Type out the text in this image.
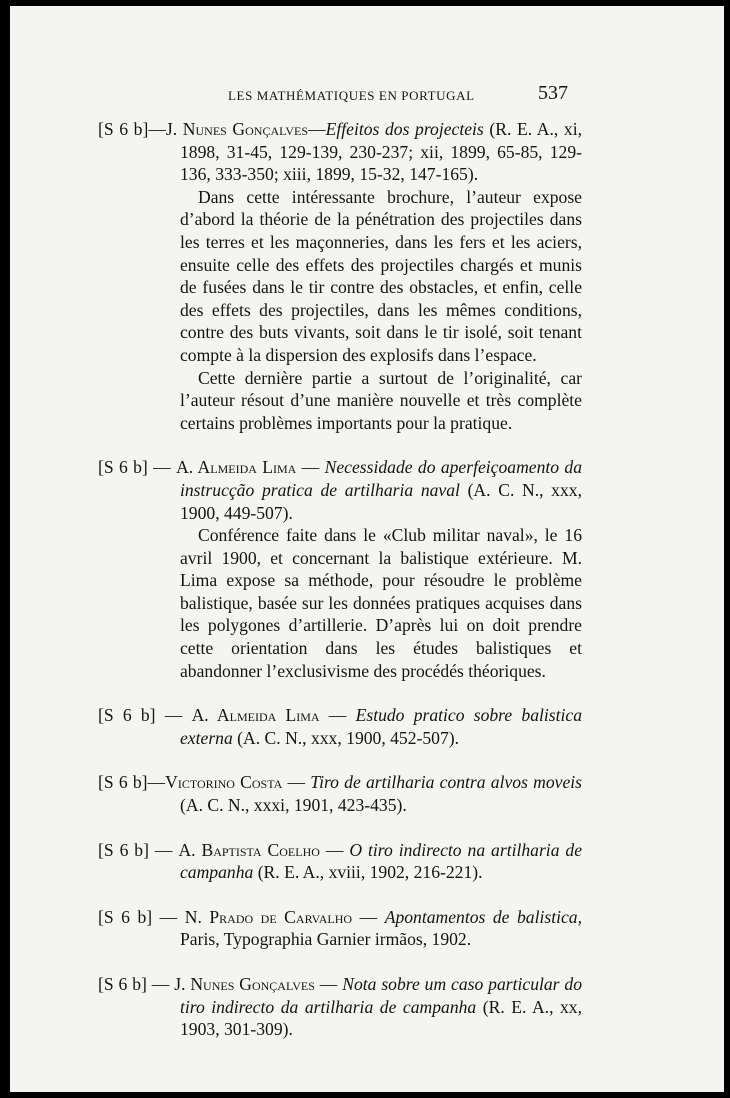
LES MATHÉMATIQUES EN PORTUGAL	537

[S 6 b]—J. Nunes Gonçalves—Effeitos dos projecteis (R. E. A., xi, 1898, 31-45, 129-139, 230-237; xii, 1899, 65-85, 129-136, 333-350; xiii, 1899, 15-32, 147-165).

Dans cette intéressante brochure, l’auteur expose d’abord la théorie de la pénétration des projectiles dans les terres et les maçonneries, dans les fers et les aciers, ensuite celle des effets des projectiles chargés et munis de fusées dans le tir contre des obstacles, et enfin, celle des effets des projectiles, dans les mêmes conditions, contre des buts vivants, soit dans le tir isolé, soit tenant compte à la dispersion des explosifs dans l’espace.

Cette dernière partie a surtout de l’originalité, car l’auteur résout d’une manière nouvelle et très complète certains problèmes importants pour la pratique.

[S 6 b] — A. Almeida Lima — Necessidade do aperfeiçoamento da instrucção pratica de artilharia naval (A. C. N., xxx, 1900, 449-507).

Conférence faite dans le «Club militar naval», le 16 avril 1900, et concernant la balistique extérieure. M. Lima expose sa méthode, pour résoudre le problème balistique, basée sur les données pratiques acquises dans les polygones d’artillerie. D’après lui on doit prendre cette orientation dans les études balistiques et abandonner l’exclusivisme des procédés théoriques.

[S 6 b] — A. Almeida Lima — Estudo pratico sobre balistica externa (A. C. N., xxx, 1900, 452-507).

[S 6 b]—Victorino Costa — Tiro de artilharia contra alvos moveis (A. C. N., xxxi, 1901, 423-435).

[S 6 b] — A. Baptista Coelho — O tiro indirecto na artilharia de campanha (R. E. A., xviii, 1902, 216-221).

[S 6 b] — N. Prado de Carvalho — Apontamentos de balistica, Paris, Typographia Garnier irmãos, 1902.

[S 6 b] — J. Nunes Gonçalves — Nota sobre um caso particular do tiro indirecto da artilharia de campanha (R. E. A., xx, 1903, 301-309).
